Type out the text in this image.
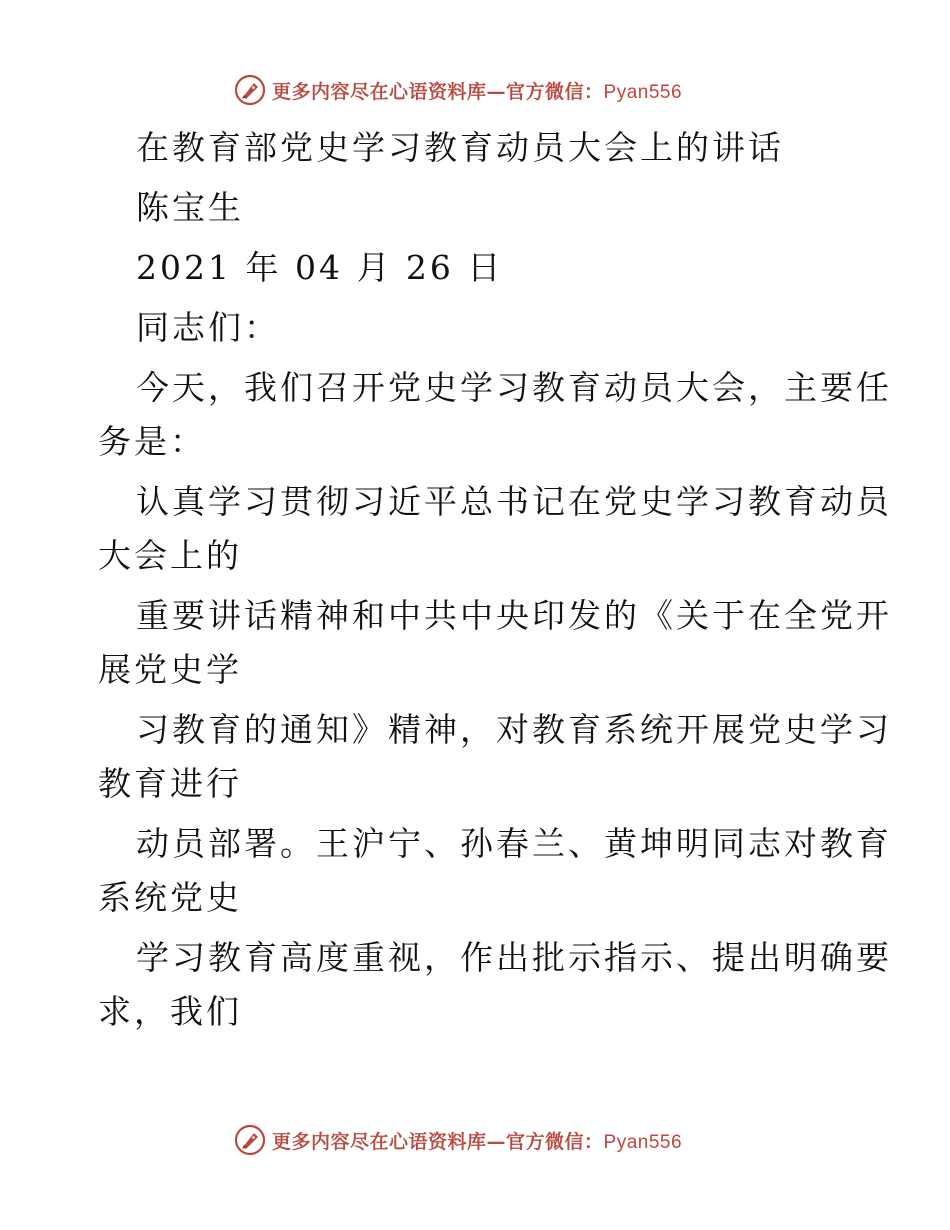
更多内容尽在心语资料库—官方微信：Pyan556
在教育部党史学习教育动员大会上的讲话
陈宝生
2021 年 04 月 26 日
同志们：
今天，我们召开党史学习教育动员大会，主要任
务是：
认真学习贯彻习近平总书记在党史学习教育动员
大会上的
重要讲话精神和中共中央印发的《关于在全党开
展党史学
习教育的通知》精神，对教育系统开展党史学习
教育进行
动员部署。王沪宁、孙春兰、黄坤明同志对教育
系统党史
学习教育高度重视，作出批示指示、提出明确要
求，我们
更多内容尽在心语资料库—官方微信：Pyan556
